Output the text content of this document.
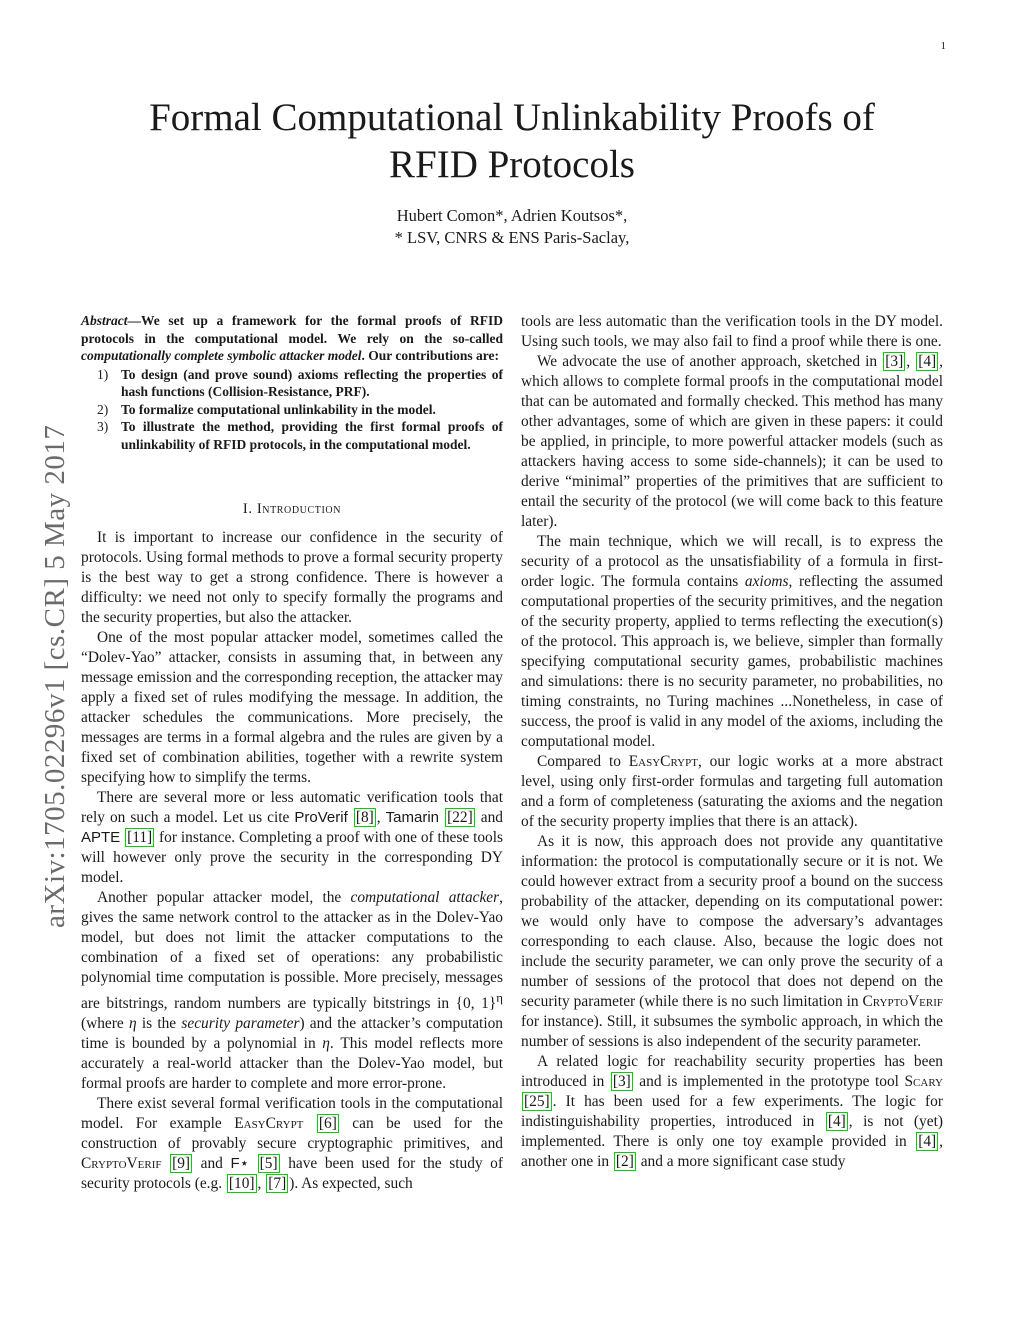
1
arXiv:1705.02296v1 [cs.CR] 5 May 2017
Formal Computational Unlinkability Proofs of
RFID Protocols
Hubert Comon*, Adrien Koutsos*,
* LSV, CNRS & ENS Paris-Saclay,
Abstract—We set up a framework for the formal proofs of RFID protocols in the computational model. We rely on the so-called computationally complete symbolic attacker model. Our contributions are:
1) To design (and prove sound) axioms reflecting the properties of hash functions (Collision-Resistance, PRF).
2) To formalize computational unlinkability in the model.
3) To illustrate the method, providing the first formal proofs of unlinkability of RFID protocols, in the computational model.
I. Introduction

It is important to increase our confidence in the security of protocols. Using formal methods to prove a formal security property is the best way to get a strong confidence. There is however a difficulty: we need not only to specify formally the programs and the security properties, but also the attacker.

One of the most popular attacker model, sometimes called the “Dolev-Yao” attacker, consists in assuming that, in between any message emission and the corresponding reception, the attacker may apply a fixed set of rules modifying the message. In addition, the attacker schedules the communications. More precisely, the messages are terms in a formal algebra and the rules are given by a fixed set of combination abilities, together with a rewrite system specifying how to simplify the terms.

There are several more or less automatic verification tools that rely on such a model. Let us cite ProVerif [8] , Tamarin [22] and APTE [11] for instance. Completing a proof with one of these tools will however only prove the security in the corresponding DY model.

Another popular attacker model, the computational attacker, gives the same network control to the attacker as in the Dolev-Yao model, but does not limit the attacker computations to the combination of a fixed set of operations: any probabilistic polynomial time computation is possible. More precisely, messages are bitstrings, random numbers are typically bitstrings in {0, 1}$^\eta$ (where η is the security parameter) and the attacker’s computation time is bounded by a polynomial in η. This model reflects more accurately a real-world attacker than the Dolev-Yao model, but formal proofs are harder to complete and more error-prone.

There exist several formal verification tools in the computational model. For example EasyCrypt [6] can be used for the construction of provably secure cryptographic primitives, and CryptoVerif [9] and F⋆ [5] have been used for the study of security protocols (e.g. [10] , [7] ). As expected, such

tools are less automatic than the verification tools in the DY model. Using such tools, we may also fail to find a proof while there is one.

We advocate the use of another approach, sketched in [3] , [4] , which allows to complete formal proofs in the computational model that can be automated and formally checked. This method has many other advantages, some of which are given in these papers: it could be applied, in principle, to more powerful attacker models (such as attackers having access to some side-channels); it can be used to derive “minimal” properties of the primitives that are sufficient to entail the security of the protocol (we will come back to this feature later).

The main technique, which we will recall, is to express the security of a protocol as the unsatisfiability of a formula in first-order logic. The formula contains axioms, reflecting the assumed computational properties of the security primitives, and the negation of the security property, applied to terms reflecting the execution(s) of the protocol. This approach is, we believe, simpler than formally specifying computational security games, probabilistic machines and simulations: there is no security parameter, no probabilities, no timing constraints, no Turing machines ...Nonetheless, in case of success, the proof is valid in any model of the axioms, including the computational model.

Compared to EasyCrypt, our logic works at a more abstract level, using only first-order formulas and targeting full automation and a form of completeness (saturating the axioms and the negation of the security property implies that there is an attack).

As it is now, this approach does not provide any quantitative information: the protocol is computationally secure or it is not. We could however extract from a security proof a bound on the success probability of the attacker, depending on its computational power: we would only have to compose the adversary’s advantages corresponding to each clause. Also, because the logic does not include the security parameter, we can only prove the security of a number of sessions of the protocol that does not depend on the security parameter (while there is no such limitation in CryptoVerif for instance). Still, it subsumes the symbolic approach, in which the number of sessions is also independent of the security parameter.

A related logic for reachability security properties has been introduced in [3] and is implemented in the prototype tool Scary [25] . It has been used for a few experiments. The logic for indistinguishability properties, introduced in [4] , is not (yet) implemented. There is only one toy example provided in [4] , another one in [2] and a more significant case study
